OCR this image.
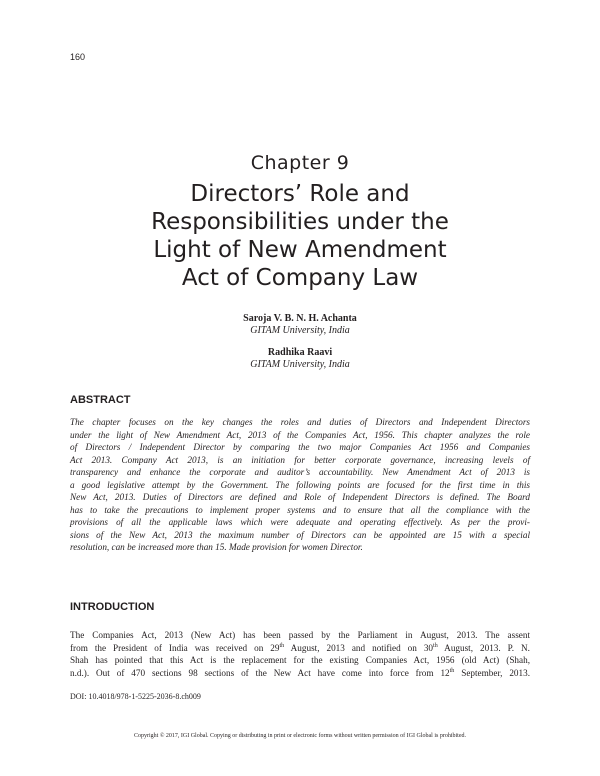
160
Chapter 9
Directors’ Role and
Responsibilities under the
Light of New Amendment
Act of Company Law
Saroja V. B. N. H. Achanta
GITAM University, India
Radhika Raavi
GITAM University, India
ABSTRACT
The chapter focuses on the key changes the roles and duties of Directors and Independent Directors
under the light of New Amendment Act, 2013 of the Companies Act, 1956. This chapter analyzes the role
of Directors / Independent Director by comparing the two major Companies Act 1956 and Companies
Act 2013. Company Act 2013, is an initiation for better corporate governance, increasing levels of
transparency and enhance the corporate and auditor’s accountability. New Amendment Act of 2013 is
a good legislative attempt by the Government. The following points are focused for the first time in this
New Act, 2013. Duties of Directors are defined and Role of Independent Directors is defined. The Board
has to take the precautions to implement proper systems and to ensure that all the compliance with the
provisions of all the applicable laws which were adequate and operating effectively. As per the provi-
sions of the New Act, 2013 the maximum number of Directors can be appointed are 15 with a special
resolution, can be increased more than 15. Made provision for women Director.
INTRODUCTION
The Companies Act, 2013 (New Act) has been passed by the Parliament in August, 2013. The assent
from the President of India was received on 29th August, 2013 and notified on 30th August, 2013. P. N.
Shah has pointed that this Act is the replacement for the existing Companies Act, 1956 (old Act) (Shah,
n.d.). Out of 470 sections 98 sections of the New Act have come into force from 12th September, 2013.
DOI: 10.4018/978-1-5225-2036-8.ch009
Copyright © 2017, IGI Global. Copying or distributing in print or electronic forms without written permission of IGI Global is prohibited.
